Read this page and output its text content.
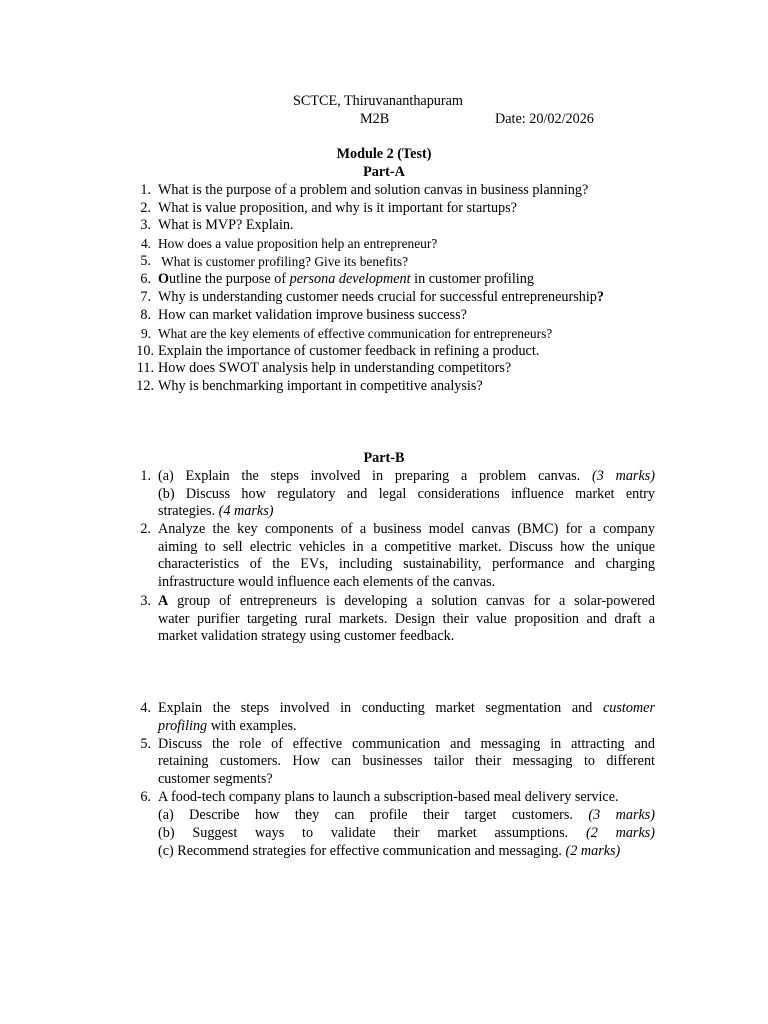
SCTCE, Thiruvananthapuram
M2B	Date: 20/02/2026
Module 2 (Test)
Part-A
1. What is the purpose of a problem and solution canvas in business planning?
2. What is value proposition, and why is it important for startups?
3. What is MVP? Explain.
4. How does a value proposition help an entrepreneur?
5. What is customer profiling? Give its benefits?
6. Outline the purpose of persona development in customer profiling
7. Why is understanding customer needs crucial for successful entrepreneurship?
8. How can market validation improve business success?
9. What are the key elements of effective communication for entrepreneurs?
10. Explain the importance of customer feedback in refining a product.
11. How does SWOT analysis help in understanding competitors?
12. Why is benchmarking important in competitive analysis?
Part-B
1. (a) Explain the steps involved in preparing a problem canvas. (3 marks)
(b) Discuss how regulatory and legal considerations influence market entry
strategies. (4 marks)
2. Analyze the key components of a business model canvas (BMC) for a company
aiming to sell electric vehicles in a competitive market. Discuss how the unique
characteristics of the EVs, including sustainability, performance and charging
infrastructure would influence each elements of the canvas.
3. A group of entrepreneurs is developing a solution canvas for a solar-powered
water purifier targeting rural markets. Design their value proposition and draft a
market validation strategy using customer feedback.
4. Explain the steps involved in conducting market segmentation and customer
profiling with examples.
5. Discuss the role of effective communication and messaging in attracting and
retaining customers. How can businesses tailor their messaging to different
customer segments?
6. A food-tech company plans to launch a subscription-based meal delivery service.
(a) Describe how they can profile their target customers. (3 marks)
(b) Suggest ways to validate their market assumptions. (2 marks)
(c) Recommend strategies for effective communication and messaging. (2 marks)
